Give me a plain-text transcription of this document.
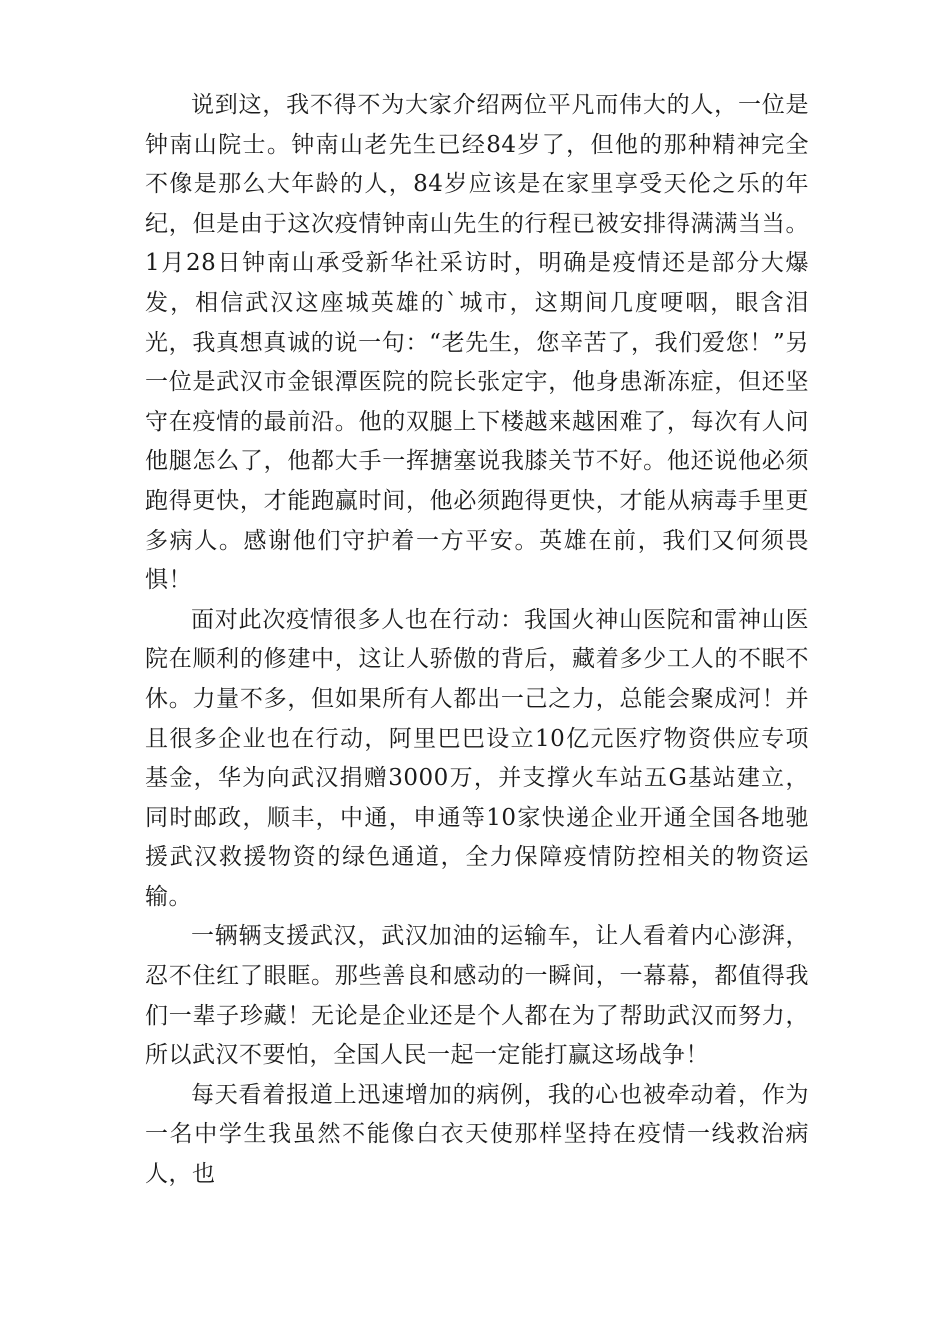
说到这，我不得不为大家介绍两位平凡而伟大的人，一位是钟南山院士。钟南山老先生已经84岁了，但他的那种精神完全不像是那么大年龄的人，84岁应该是在家里享受天伦之乐的年纪，但是由于这次疫情钟南山先生的行程已被安排得满满当当。1月28日钟南山承受新华社采访时，明确是疫情还是部分大爆发，相信武汉这座城英雄的`城市，这期间几度哽咽，眼含泪光，我真想真诚的说一句：“老先生，您辛苦了，我们爱您！”另一位是武汉市金银潭医院的院长张定宇，他身患渐冻症，但还坚守在疫情的最前沿。他的双腿上下楼越来越困难了，每次有人问他腿怎么了，他都大手一挥搪塞说我膝关节不好。他还说他必须跑得更快，才能跑赢时间，他必须跑得更快，才能从病毒手里更多病人。感谢他们守护着一方平安。英雄在前，我们又何须畏惧！

面对此次疫情很多人也在行动：我国火神山医院和雷神山医院在顺利的修建中，这让人骄傲的背后，藏着多少工人的不眠不休。力量不多，但如果所有人都出一己之力，总能会聚成河！并且很多企业也在行动，阿里巴巴设立10亿元医疗物资供应专项基金，华为向武汉捐赠3000万，并支撑火车站五G基站建立，同时邮政，顺丰，中通，申通等10家快递企业开通全国各地驰援武汉救援物资的绿色通道，全力保障疫情防控相关的物资运输。

一辆辆支援武汉，武汉加油的运输车，让人看着内心澎湃，忍不住红了眼眶。那些善良和感动的一瞬间，一幕幕，都值得我们一辈子珍藏！无论是企业还是个人都在为了帮助武汉而努力，所以武汉不要怕，全国人民一起一定能打赢这场战争！

每天看着报道上迅速增加的病例，我的心也被牵动着，作为一名中学生我虽然不能像白衣天使那样坚持在疫情一线救治病人，也
